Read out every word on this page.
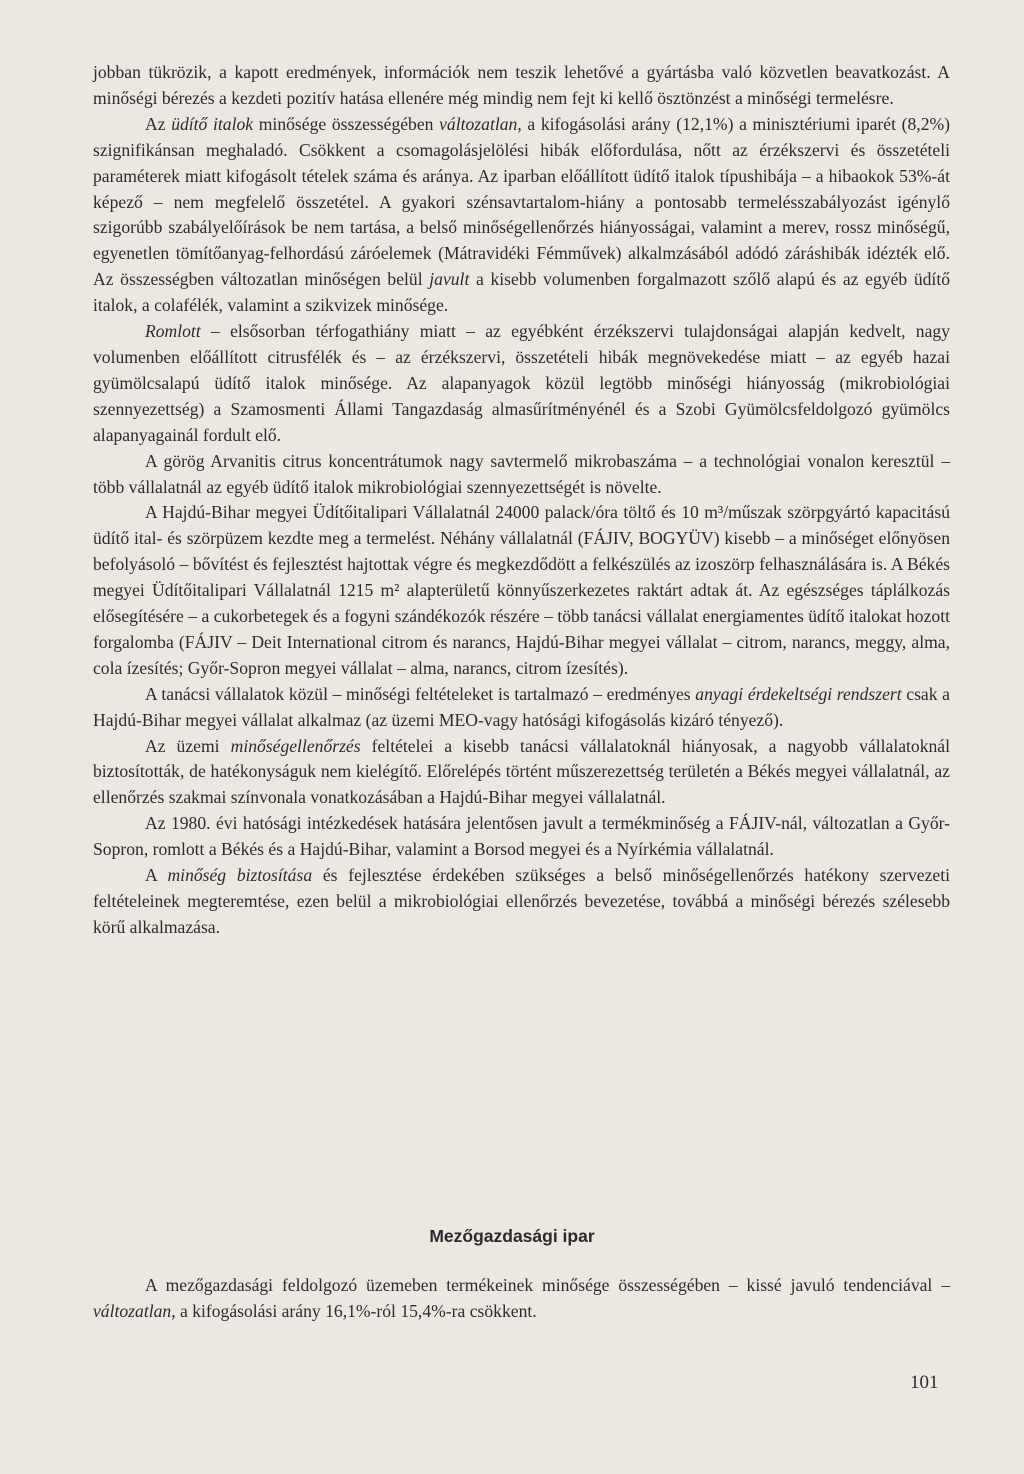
jobban tükrözik, a kapott eredmények, információk nem teszik lehetővé a gyártásba való közvetlen beavatkozást. A minőségi bérezés a kezdeti pozitív hatása ellenére még mindig nem fejt ki kellő ösztönzést a minőségi termelésre.

Az üdítő italok minősége összességében változatlan, a kifogásolási arány (12,1%) a minisztériumi iparét (8,2%) szignifikánsan meghaladó. Csökkent a csomagolásjelölési hibák előfordulása, nőtt az érzékszervi és összetételi paraméterek miatt kifogásolt tételek száma és aránya. Az iparban előállított üdítő italok típushibája – a hibaokok 53%-át képező – nem megfelelő összetétel. A gyakori szénsavtartalom-hiány a pontosabb termelésszabályozást igénylő szigorúbb szabályelőírások be nem tartása, a belső minőségellenőrzés hiányosságai, valamint a merev, rossz minőségű, egyenetlen tömítőanyag-felhordású záróelemek (Mátravidéki Fémművek) alkalmzásából adódó záráshibák idézték elő. Az összességben változatlan minőségen belül javult a kisebb volumenben forgalmazott szőlő alapú és az egyéb üdítő italok, a colafélék, valamint a szikvizek minősége.

Romlott – elsősorban térfogathiány miatt – az egyébként érzékszervi tulajdonságai alapján kedvelt, nagy volumenben előállított citrusfélék és – az érzékszervi, összetételi hibák megnövekedése miatt – az egyéb hazai gyümölcsalapú üdítő italok minősége. Az alapanyagok közül legtöbb minőségi hiányosság (mikrobiológiai szennyezettség) a Szamosmenti Állami Tangazdaság almasűrítményénél és a Szobi Gyümölcsfeldolgozó gyümölcs alapanyagainál fordult elő.

A görög Arvanitis citrus koncentrátumok nagy savtermelő mikrobaszáma – a technológiai vonalon keresztül – több vállalatnál az egyéb üdítő italok mikrobiológiai szennyezettségét is növelte.

A Hajdú-Bihar megyei Üdítőitalipari Vállalatnál 24000 palack/óra töltő és 10 m³/műszak szörpgyártó kapacitású üdítő ital- és szörpüzem kezdte meg a termelést. Néhány vállalatnál (FÁJIV, BOGYÜV) kisebb – a minőséget előnyösen befolyásoló – bővítést és fejlesztést hajtottak végre és megkezdődött a felkészülés az izoszörp felhasználására is. A Békés megyei Üdítőitalipari Vállalatnál 1215 m² alapterületű könnyűszerkezetes raktárt adtak át. Az egészséges táplálkozás elősegítésére – a cukorbetegek és a fogyni szándékozók részére – több tanácsi vállalat energiamentes üdítő italokat hozott forgalomba (FÁJIV – Deit International citrom és narancs, Hajdú-Bihar megyei vállalat – citrom, narancs, meggy, alma, cola ízesítés; Győr-Sopron megyei vállalat – alma, narancs, citrom ízesítés).

A tanácsi vállalatok közül – minőségi feltételeket is tartalmazó – eredményes anyagi érdekeltségi rendszert csak a Hajdú-Bihar megyei vállalat alkalmaz (az üzemi MEO-vagy hatósági kifogásolás kizáró tényező).

Az üzemi minőségellenőrzés feltételei a kisebb tanácsi vállalatoknál hiányosak, a nagyobb vállalatoknál biztosították, de hatékonyságuk nem kielégítő. Előrelépés történt műszerezettség területén a Békés megyei vállalatnál, az ellenőrzés szakmai színvonala vonatkozásában a Hajdú-Bihar megyei vállalatnál.

Az 1980. évi hatósági intézkedések hatására jelentősen javult a termékminőség a FÁJIV-nál, változatlan a Győr-Sopron, romlott a Békés és a Hajdú-Bihar, valamint a Borsod megyei és a Nyírkémia vállalatnál.

A minőség biztosítása és fejlesztése érdekében szükséges a belső minőségellenőrzés hatékony szervezeti feltételeinek megteremtése, ezen belül a mikrobiológiai ellenőrzés bevezetése, továbbá a minőségi bérezés szélesebb körű alkalmazása.

Mezőgazdasági ipar

A mezőgazdasági feldolgozó üzemeben termékeinek minősége összességében – kissé javuló tendenciával – változatlan, a kifogásolási arány 16,1%-ról 15,4%-ra csökkent.

101
